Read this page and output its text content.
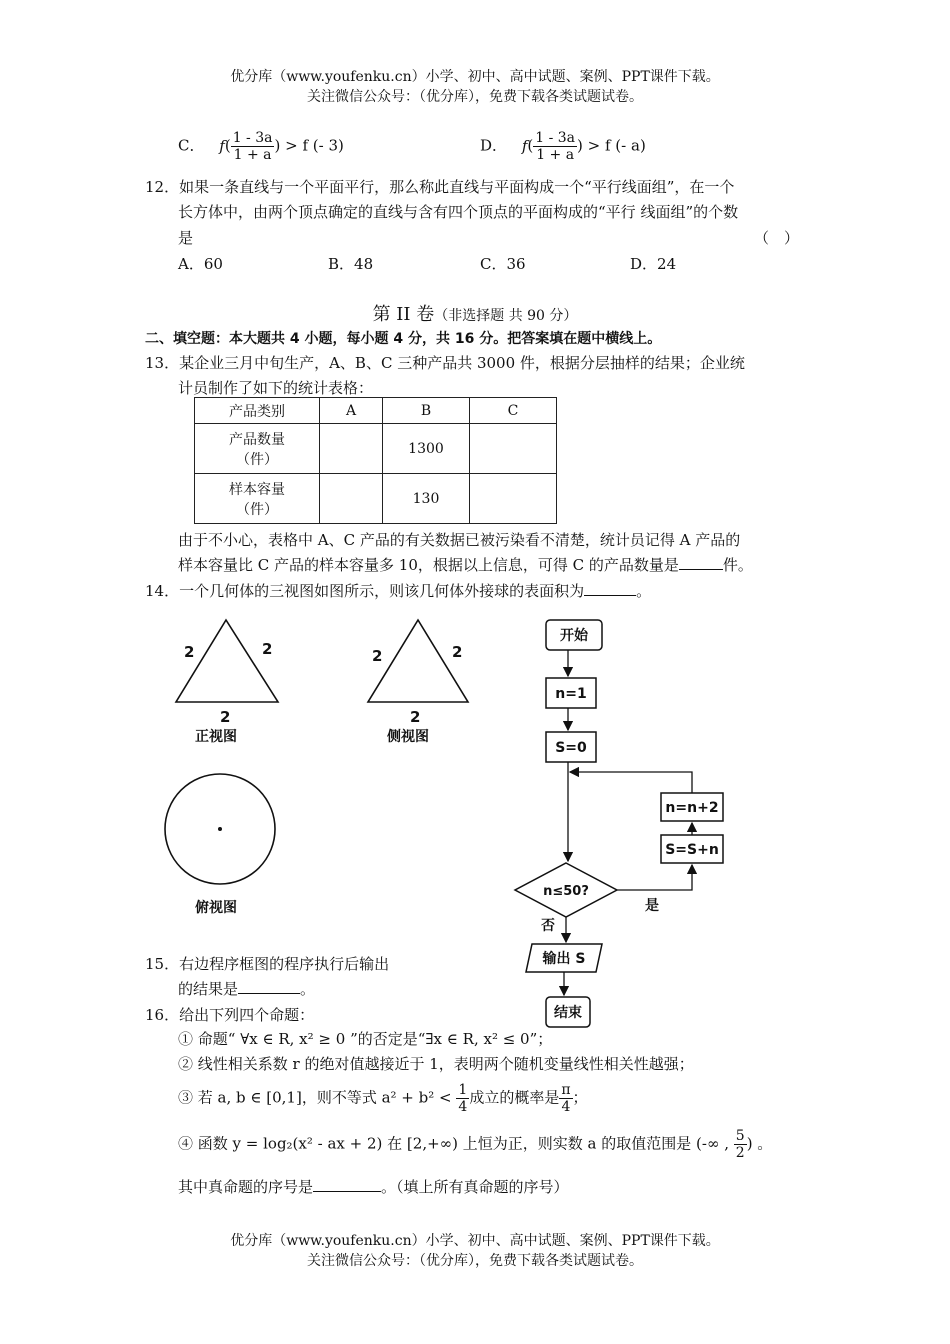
优分库（www.youfenku.cn）小学、初中、高中试题、案例、PPT课件下载。
关注微信公众号：（优分库），免费下载各类试题试卷。
C． $f( \frac{1 - 3a}{1 + a}$ ) > f (- 3)	D． $f( \frac{1 - 3a}{1 + a}$ ) > f (- a)
12．如果一条直线与一个平面平行，那么称此直线与平面构成一个“平行线面组”，在一个
长方体中，由两个顶点确定的直线与含有四个顶点的平面构成的“平行 线面组”的个数
是	（　）
A．60	B．48	C．36	D．24
第 II 卷（非选择题 共 90 分）
二、填空题：本大题共 4 小题，每小题 4 分，共 16 分。把答案填在题中横线上。
13．某企业三月中旬生产，A、B、C 三种产品共 3000 件，根据分层抽样的结果；企业统
计员制作了如下的统计表格：
产品类别	A	B	C

产品数量
（件）		1300	

样本容量
（件）		130	
由于不小心，表格中 A、C 产品的有关数据已被污染看不清楚，统计员记得 A 产品的
样本容量比 C 产品的样本容量多 10，根据以上信息，可得 C 的产品数量是	件。
14．一个几何体的三视图如图所示，则该几何体外接球的表面积为	。
2	2
2
2	2
2
正视图	侧视图
俯视图
开始
n=1
S=0
n=n+2
S=S+n
n≤50?
输出 S
结束
是
否
15．右边程序框图的程序执行后输出
的结果是	。
16．给出下列四个命题：
① 命题“ ∀x ∈ R, x² ≥ 0 ”的否定是“∃x ∈ R, x² ≤ 0”；
② 线性相关系数 r 的绝对值越接近于 1，表明两个随机变量线性相关性越强；
③ 若 a, b ∈ [0,1]，则不等式 $a^2 + b^2 < \frac{1}{4}$ 成立的概率是 $\frac{\pi}{4}$ ；
④ 函数 y = log₂(x² - ax + 2) 在 [2,+∞) 上恒为正，则实数 a 的取值范围是 (-∞ , $\frac{5}{2}$ ) 。
其中真命题的序号是	。（填上所有真命题的序号）
优分库（www.youfenku.cn）小学、初中、高中试题、案例、PPT课件下载。
关注微信公众号：（优分库），免费下载各类试题试卷。
